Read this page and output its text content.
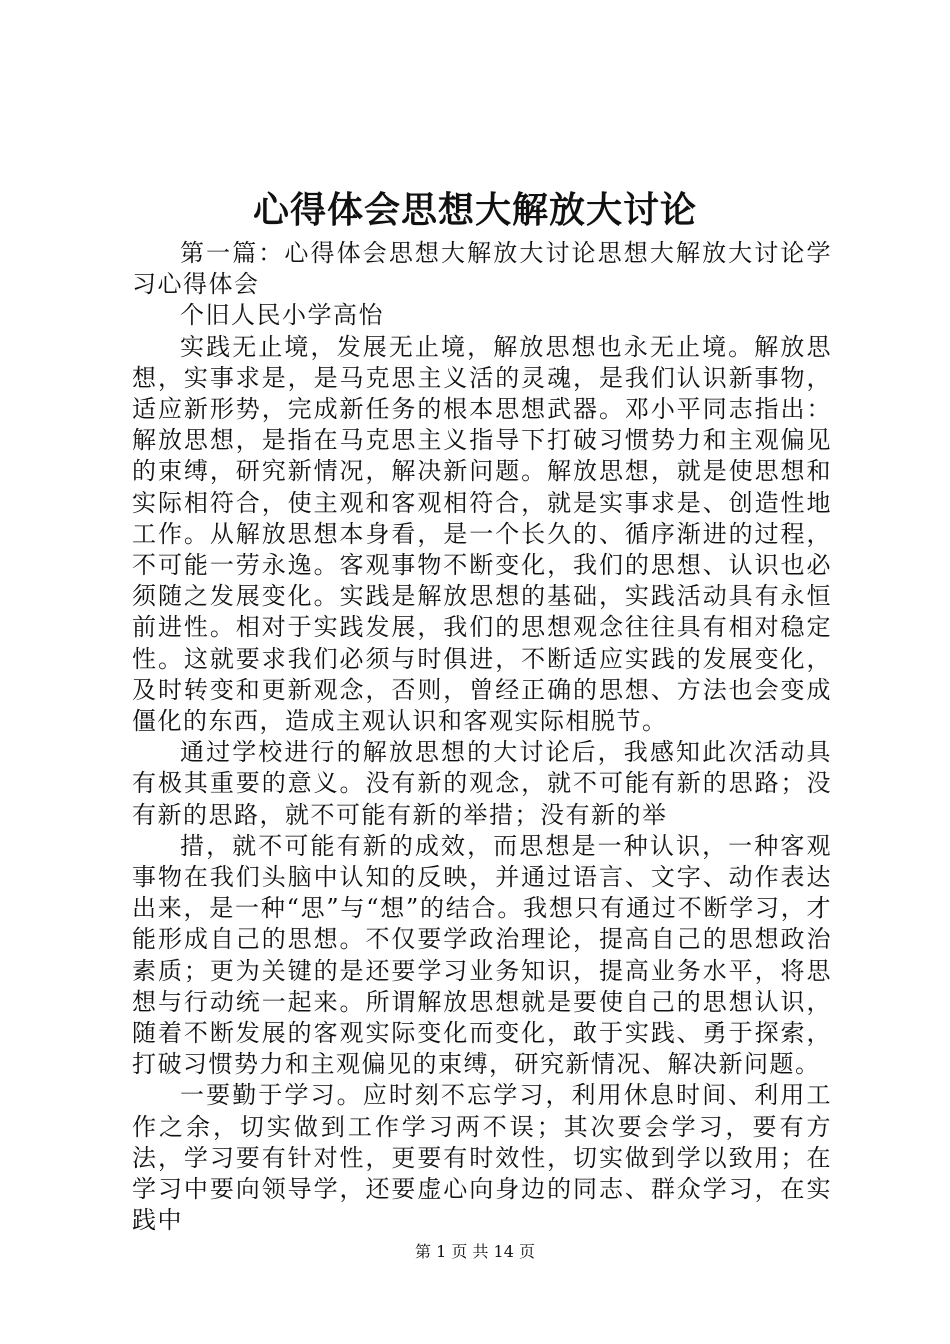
心得体会思想大解放大讨论

第一篇：心得体会思想大解放大讨论思想大解放大讨论学习心得体会

个旧人民小学高怡

实践无止境，发展无止境，解放思想也永无止境。解放思想，实事求是，是马克思主义活的灵魂，是我们认识新事物，适应新形势，完成新任务的根本思想武器。邓小平同志指出：解放思想，是指在马克思主义指导下打破习惯势力和主观偏见的束缚，研究新情况，解决新问题。解放思想，就是使思想和实际相符合，使主观和客观相符合，就是实事求是、创造性地工作。从解放思想本身看，是一个长久的、循序渐进的过程，不可能一劳永逸。客观事物不断变化，我们的思想、认识也必须随之发展变化。实践是解放思想的基础，实践活动具有永恒前进性。相对于实践发展，我们的思想观念往往具有相对稳定性。这就要求我们必须与时俱进，不断适应实践的发展变化，及时转变和更新观念，否则，曾经正确的思想、方法也会变成僵化的东西，造成主观认识和客观实际相脱节。

通过学校进行的解放思想的大讨论后，我感知此次活动具有极其重要的意义。没有新的观念，就不可能有新的思路；没有新的思路，就不可能有新的举措；没有新的举

措，就不可能有新的成效，而思想是一种认识，一种客观事物在我们头脑中认知的反映，并通过语言、文字、动作表达出来，是一种“思”与“想”的结合。我想只有通过不断学习，才能形成自己的思想。不仅要学政治理论，提高自己的思想政治素质；更为关键的是还要学习业务知识，提高业务水平，将思想与行动统一起来。所谓解放思想就是要使自己的思想认识，随着不断发展的客观实际变化而变化，敢于实践、勇于探索，打破习惯势力和主观偏见的束缚，研究新情况、解决新问题。

一要勤于学习。应时刻不忘学习，利用休息时间、利用工作之余，切实做到工作学习两不误；其次要会学习，要有方法，学习要有针对性，更要有时效性，切实做到学以致用；在学习中要向领导学，还要虚心向身边的同志、群众学习，在实践中

第 1 页 共 14 页
